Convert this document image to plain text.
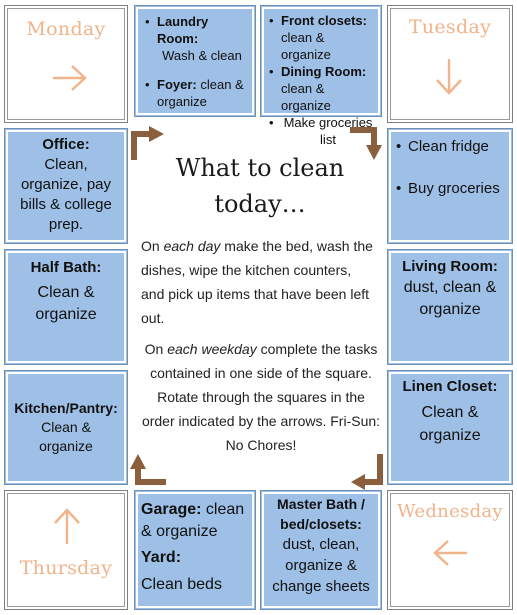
Monday	Tuesday
Wednesday
Thursday
• Laundry Room:

Wash & clean
• Foyer: clean & organize
• Front closets:
clean & organize
• Dining Room:
clean & organize
• Make groceries list
•	Clean fridge
• Buy groceries
Living Room:
dust, clean & organize
Linen Closet:

Clean & organize
Office:
Clean, organize, pay bills & college prep.
Half Bath:

Clean & organize
Kitchen/Pantry:

Clean & organize
Garage: clean & organize
Yard:
Clean beds
Master Bath / bed/closets:
dust, clean, organize & change sheets
What to clean
today…
On each day make the bed, wash the dishes, wipe the kitchen counters, and pick up items that have been left out.
On each weekday complete the tasks contained in one side of the square. Rotate through the squares in the order indicated by the arrows. Fri-Sun: No Chores!
